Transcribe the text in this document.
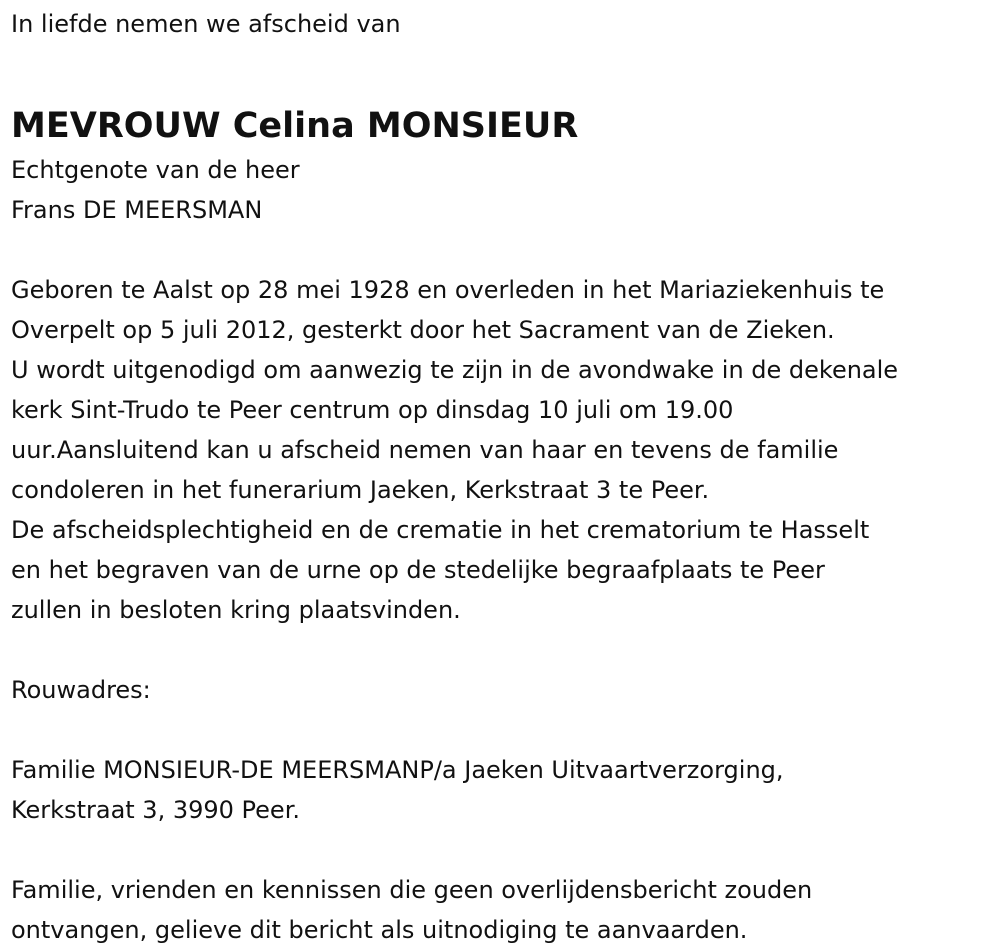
In liefde nemen we afscheid van
MEVROUW Celina MONSIEUR
Echtgenote van de heer
Frans DE MEERSMAN
Geboren te Aalst op 28 mei 1928 en overleden in het Mariaziekenhuis te
Overpelt op 5 juli 2012, gesterkt door het Sacrament van de Zieken.
U wordt uitgenodigd om aanwezig te zijn in de avondwake in de dekenale
kerk Sint-Trudo te Peer centrum op dinsdag 10 juli om 19.00
uur.Aansluitend kan u afscheid nemen van haar en tevens de familie
condoleren in het funerarium Jaeken, Kerkstraat 3 te Peer.
De afscheidsplechtigheid en de crematie in het crematorium te Hasselt
en het begraven van de urne op de stedelijke begraafplaats te Peer
zullen in besloten kring plaatsvinden.
Rouwadres:
Familie MONSIEUR-DE MEERSMANP/a Jaeken Uitvaartverzorging,
Kerkstraat 3, 3990 Peer.
Familie, vrienden en kennissen die geen overlijdensbericht zouden
ontvangen, gelieve dit bericht als uitnodiging te aanvaarden.
